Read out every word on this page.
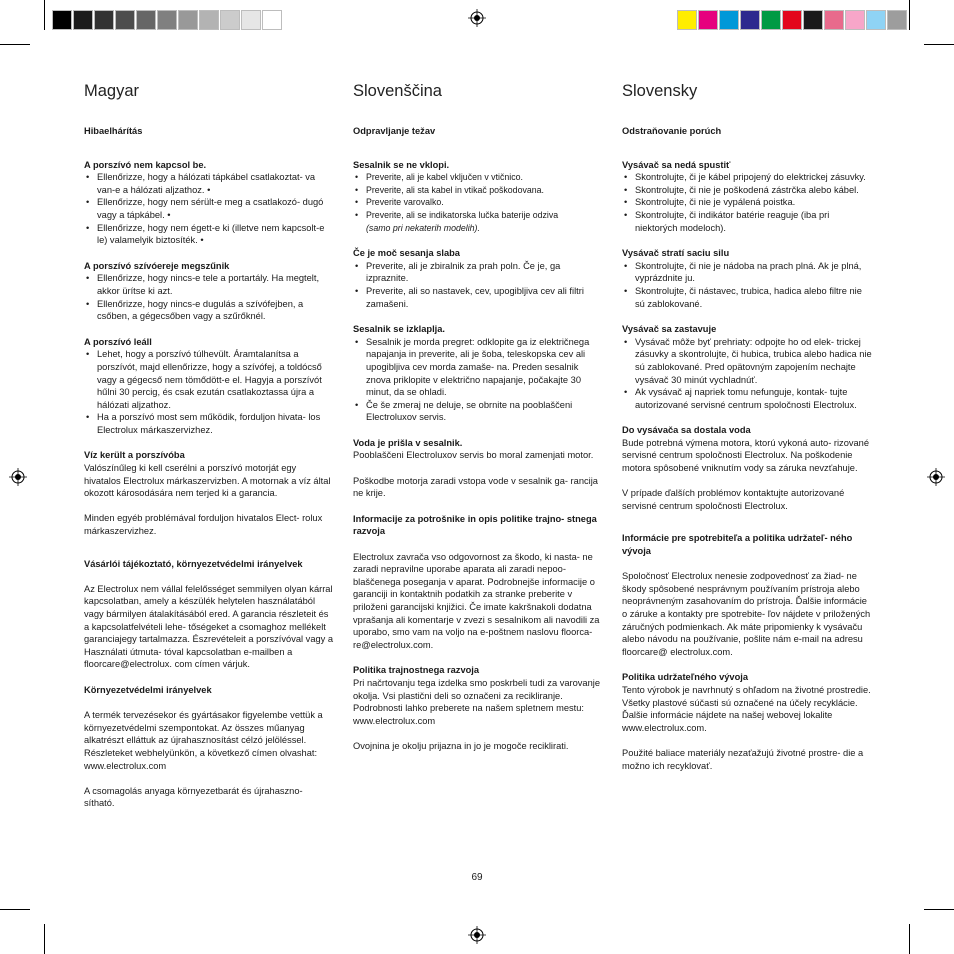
Magyar
Hibaelhárítás
A porszívó nem kapcsol be.
• Ellenőrizze, hogy a hálózati tápkábel csatlakoztat- va van-e a hálózati aljzathoz. •
• Ellenőrizze, hogy nem sérült-e meg a csatlakozó- dugó vagy a tápkábel. •
• Ellenőrizze, hogy nem égett-e ki (illetve nem kapcsolt-e le) valamelyik biztosíték. •
A porszívó szívóereje megszűnik
• Ellenőrizze, hogy nincs-e tele a portartály. Ha megtelt, akkor ürítse ki azt.
• Ellenőrizze, hogy nincs-e dugulás a szívófejben, a csőben, a gégecsőben vagy a szűrőknél.
A porszívó leáll
• Lehet, hogy a porszívó túlhevült. Áramtalanítsa a porszívót, majd ellenőrizze, hogy a szívófej, a toldócső vagy a gégecső nem tömődött-e el. Hagyja a porszívót hűlni 30 percig, és csak ezután csatlakoztassa újra a hálózati aljzathoz.
• Ha a porszívó most sem működik, forduljon hivata- los Electrolux márkaszervizhez.
Víz került a porszívóba

Valószínűleg ki kell cserélni a porszívó motorját egy hivatalos Electrolux márkaszervizben. A motornak a víz által okozott károsodására nem terjed ki a garancia.

Minden egyéb problémával forduljon hivatalos Elect- rolux márkaszervizhez.

Vásárlói tájékoztató, környezetvédelmi irányelvek

Az Electrolux nem vállal felelősséget semmilyen olyan kárral kapcsolatban, amely a készülék helytelen használatából vagy bármilyen átalakításából ered. A garancia részleteit és a kapcsolatfelvételi lehe- tőségeket a csomaghoz mellékelt garanciajegy tartalmazza. Észrevételeit a porszívóval vagy a Használati útmuta- tóval kapcsolatban e-mailben a floorcare@electrolux. com címen várjuk.

Környezetvédelmi irányelvek

A termék tervezésekor és gyártásakor figyelembe vettük a környezetvédelmi szempontokat. Az összes műanyag alkatrészt elláttuk az újrahasznosítást célzó jelöléssel. Részleteket webhelyünkön, a következő címen olvashat: www.electrolux.com

A csomagolás anyaga környezetbarát és újrahaszno- sítható.

Slovenščina
Odpravljanje težav
Sesalnik se ne vklopi.
• Preverite, ali je kabel vključen v vtičnico.
• Preverite, ali sta kabel in vtikač poškodovana.
• Preverite varovalko.
• Preverite, ali se indikatorska lučka baterije odziva
(samo pri nekaterih modelih).
Če je moč sesanja slaba
• Preverite, ali je zbiralnik za prah poln. Če je, ga izpraznite.
• Preverite, ali so nastavek, cev, upogibljiva cev ali filtri zamašeni.
Sesalnik se izklaplja.
• Sesalnik je morda pregret: odklopite ga iz električnega napajanja in preverite, ali je šoba, teleskopska cev ali upogibljiva cev morda zamaše- na. Preden sesalnik znova priklopite v električno napajanje, počakajte 30 minut, da se ohladi.
• Če še zmeraj ne deluje, se obrnite na pooblaščeni Electroluxov servis.
Voda je prišla v sesalnik.

Pooblaščeni Electroluxov servis bo moral zamenjati motor.

Poškodbe motorja zaradi vstopa vode v sesalnik ga- rancija ne krije.

Informacije za potrošnike in opis politike trajno- stnega razvoja

Electrolux zavrača vso odgovornost za škodo, ki nasta- ne zaradi nepravilne uporabe aparata ali zaradi nepoo- blaščenega poseganja v aparat. Podrobnejše informacije o garanciji in kontaktnih podatkih za stranke preberite v priloženi garancijski knjižici. Če imate kakršnakoli dodatna vprašanja ali komentarje v zvezi s sesalnikom ali navodili za uporabo, smo vam na voljo na e-poštnem naslovu floorca- re@electrolux.com.

Politika trajnostnega razvoja

Pri načrtovanju tega izdelka smo poskrbeli tudi za varovanje okolja. Vsi plastični deli so označeni za recikliranje. Podrobnosti lahko preberete na našem spletnem mestu: www.electrolux.com

Ovojnina je okolju prijazna in jo je mogoče reciklirati.

Slovensky
Odstraňovanie porúch
Vysávač sa nedá spustiť
• Skontrolujte, či je kábel pripojený do elektrickej zásuvky.
• Skontrolujte, či nie je poškodená zástrčka alebo kábel.
• Skontrolujte, či nie je vypálená poistka.
• Skontrolujte, či indikátor batérie reaguje (iba pri niektorých modeloch).
Vysávač stratí saciu silu
• Skontrolujte, či nie je nádoba na prach plná. Ak je plná, vyprázdnite ju.
• Skontrolujte, či nástavec, trubica, hadica alebo filtre nie sú zablokované.
Vysávač sa zastavuje
• Vysávač môže byť prehriaty: odpojte ho od elek- trickej zásuvky a skontrolujte, či hubica, trubica alebo hadica nie sú zablokované. Pred opätovným zapojením nechajte vysávač 30 minút vychladnúť.
• Ak vysávač aj napriek tomu nefunguje, kontak- tujte autorizované servisné centrum spoločnosti Electrolux.
Do vysávača sa dostala voda

Bude potrebná výmena motora, ktorú vykoná auto- rizované servisné centrum spoločnosti Electrolux. Na poškodenie motora spôsobené vniknutím vody sa záruka nevzťahuje.

V prípade ďalších problémov kontaktujte autorizované servisné centrum spoločnosti Electrolux.

Informácie pre spotrebiteľa a politika udržateľ- ného vývoja

Spoločnosť Electrolux nenesie zodpovednosť za žiad- ne škody spôsobené nesprávnym používaním prístroja alebo neoprávneným zasahovaním do prístroja. Ďalšie informácie o záruke a kontakty pre spotrebite- ľov nájdete v priložených záručných podmienkach. Ak máte pripomienky k vysávaču alebo návodu na používanie, pošlite nám e-mail na adresu floorcare@ electrolux.com.

Politika udržateľného vývoja

Tento výrobok je navrhnutý s ohľadom na životné prostredie. Všetky plastové súčasti sú označené na účely recyklácie. Ďalšie informácie nájdete na našej webovej lokalite www.electrolux.com.

Použité baliace materiály nezaťažujú životné prostre- die a možno ich recyklovať.

69
